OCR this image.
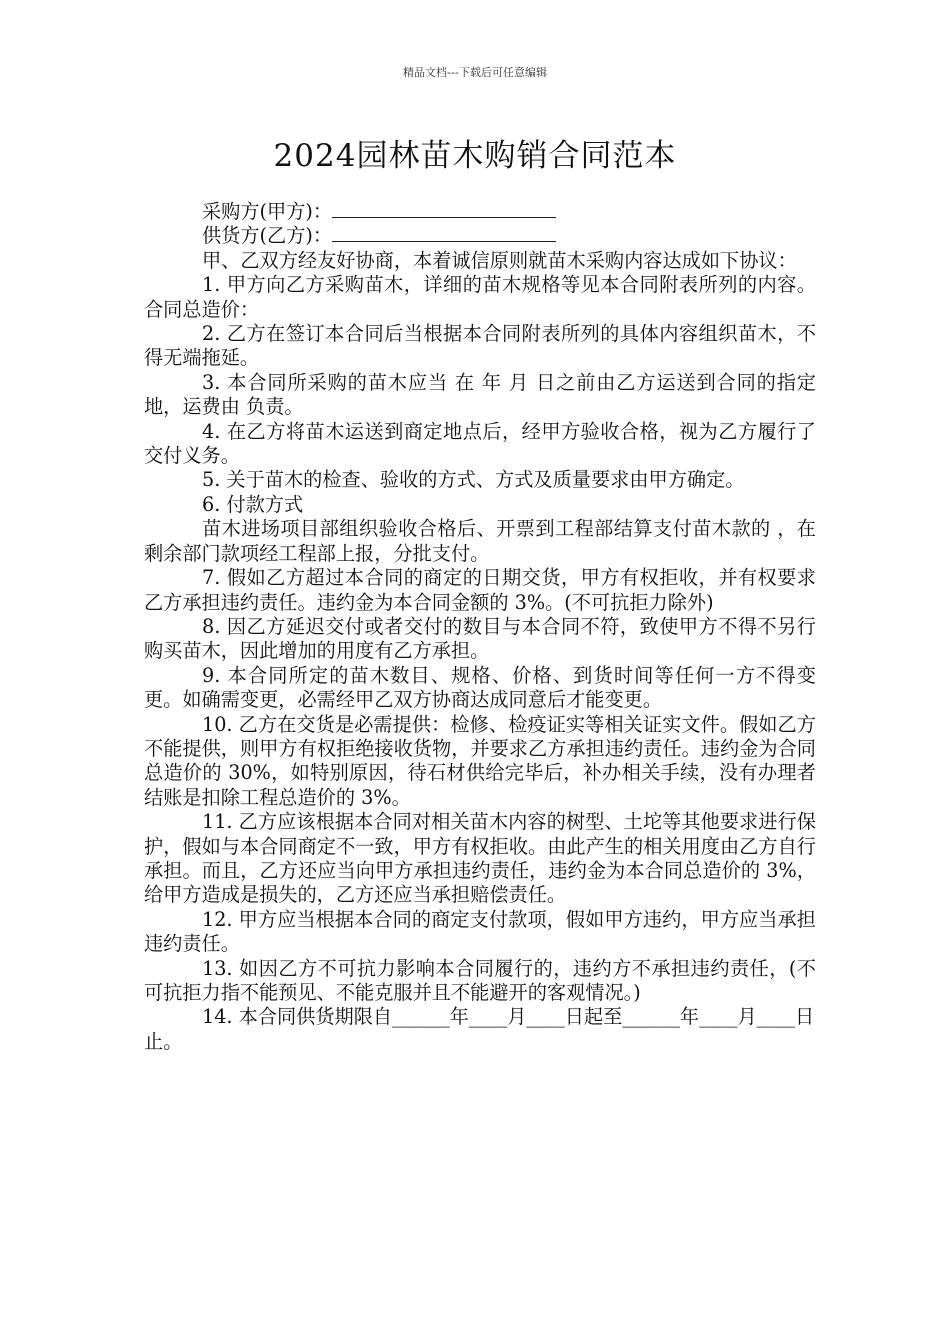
精品文档---下载后可任意编辑
2024园林苗木购销合同范本

采购方(甲方)：

供货方(乙方)：

甲、乙双方经友好协商，本着诚信原则就苗木采购内容达成如下协议：

1. 甲方向乙方采购苗木，详细的苗木规格等见本合同附表所列的内容。合同总造价：

2. 乙方在签订本合同后当根据本合同附表所列的具体内容组织苗木，不得无端拖延。

3. 本合同所采购的苗木应当 在 年 月 日之前由乙方运送到合同的指定地，运费由 负责。

4. 在乙方将苗木运送到商定地点后，经甲方验收合格，视为乙方履行了交付义务。

5. 关于苗木的检查、验收的方式、方式及质量要求由甲方确定。

6. 付款方式

苗木进场项目部组织验收合格后、开票到工程部结算支付苗木款的 ，在剩余部门款项经工程部上报，分批支付。

7. 假如乙方超过本合同的商定的日期交货，甲方有权拒收，并有权要求乙方承担违约责任。违约金为本合同金额的 3%。(不可抗拒力除外)

8. 因乙方延迟交付或者交付的数目与本合同不符，致使甲方不得不另行购买苗木，因此增加的用度有乙方承担。

9. 本合同所定的苗木数目、规格、价格、到货时间等任何一方不得变更。如确需变更，必需经甲乙双方协商达成同意后才能变更。

10. 乙方在交货是必需提供：检修、检疫证实等相关证实文件。假如乙方不能提供，则甲方有权拒绝接收货物，并要求乙方承担违约责任。违约金为合同总造价的 30%，如特别原因，待石材供给完毕后，补办相关手续，没有办理者结账是扣除工程总造价的 3%。

11. 乙方应该根据本合同对相关苗木内容的树型、土坨等其他要求进行保护，假如与本合同商定不一致，甲方有权拒收。由此产生的相关用度由乙方自行承担。而且，乙方还应当向甲方承担违约责任，违约金为本合同总造价的 3%，给甲方造成是损失的，乙方还应当承担赔偿责任。

12. 甲方应当根据本合同的商定支付款项，假如甲方违约，甲方应当承担违约责任。

13. 如因乙方不可抗力影响本合同履行的，违约方不承担违约责任，(不可抗拒力指不能预见、不能克服并且不能避开的客观情况。)

14. 本合同供货期限自______年____月____日起至______年____月____日止。
